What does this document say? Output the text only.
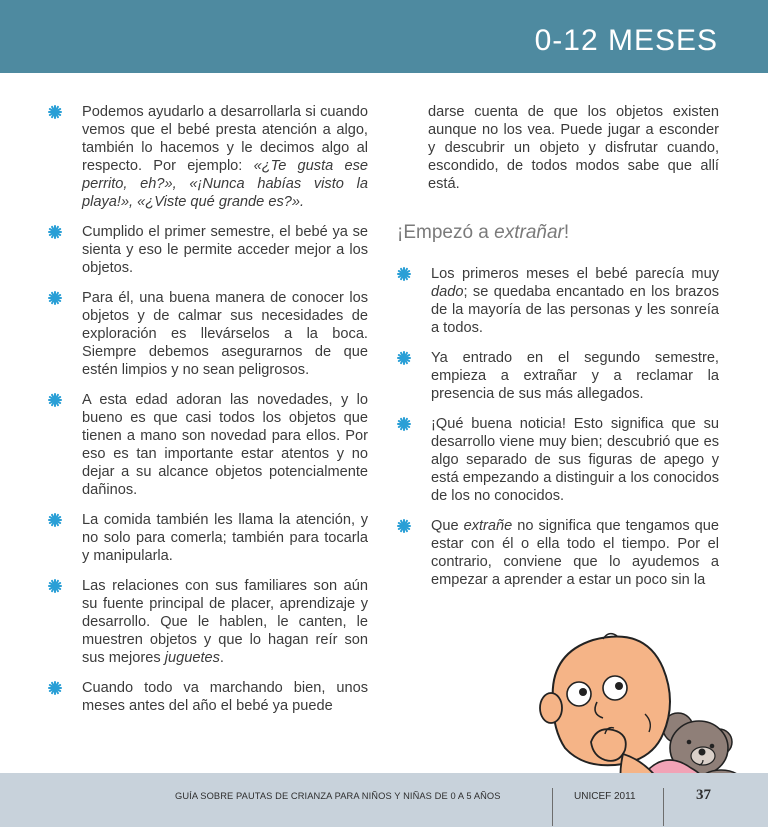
0-12 MESES
Podemos ayudarlo a desarrollarla si cuando vemos que el bebé presta atención a algo, también lo hacemos y le decimos algo al respecto. Por ejemplo: «¿Te gusta ese perrito, eh?», «¡Nunca habías visto la playa!», «¿Viste qué grande es?».
Cumplido el primer semestre, el bebé ya se sienta y eso le permite acceder mejor a los objetos.
Para él, una buena manera de conocer los objetos y de calmar sus necesidades de exploración es llevárselos a la boca. Siempre debemos asegurarnos de que estén limpios y no sean peligrosos.
A esta edad adoran las novedades, y lo bueno es que casi todos los objetos que tienen a mano son novedad para ellos. Por eso es tan importante estar atentos y no dejar a su alcance objetos potencialmente dañinos.
La comida también les llama la atención, y no solo para comerla; también para tocarla y manipularla.
Las relaciones con sus familiares son aún su fuente principal de placer, aprendizaje y desarrollo. Que le hablen, le canten, le muestren objetos y que lo hagan reír son sus mejores juguetes.
Cuando todo va marchando bien, unos meses antes del año el bebé ya puede
darse cuenta de que los objetos existen aunque no los vea. Puede jugar a esconder y descubrir un objeto y disfrutar cuando, escondido, de todos modos sabe que allí está.
¡Empezó a extrañar!
Los primeros meses el bebé parecía muy dado; se quedaba encantado en los brazos de la mayoría de las personas y les sonreía a todos.
Ya entrado en el segundo semestre, empieza a extrañar y a reclamar la presencia de sus más allegados.
¡Qué buena noticia! Esto significa que su desarrollo viene muy bien; descubrió que es algo separado de sus figuras de apego y está empezando a distinguir a los conocidos de los no conocidos.
Que extrañe no significa que tengamos que estar con él o ella todo el tiempo. Por el contrario, conviene que lo ayudemos a empezar a aprender a estar un poco sin la
GUÍA SOBRE PAUTAS DE CRIANZA PARA NIÑOS Y NIÑAS DE 0 A 5 AÑOS	UNICEF 2011	37
